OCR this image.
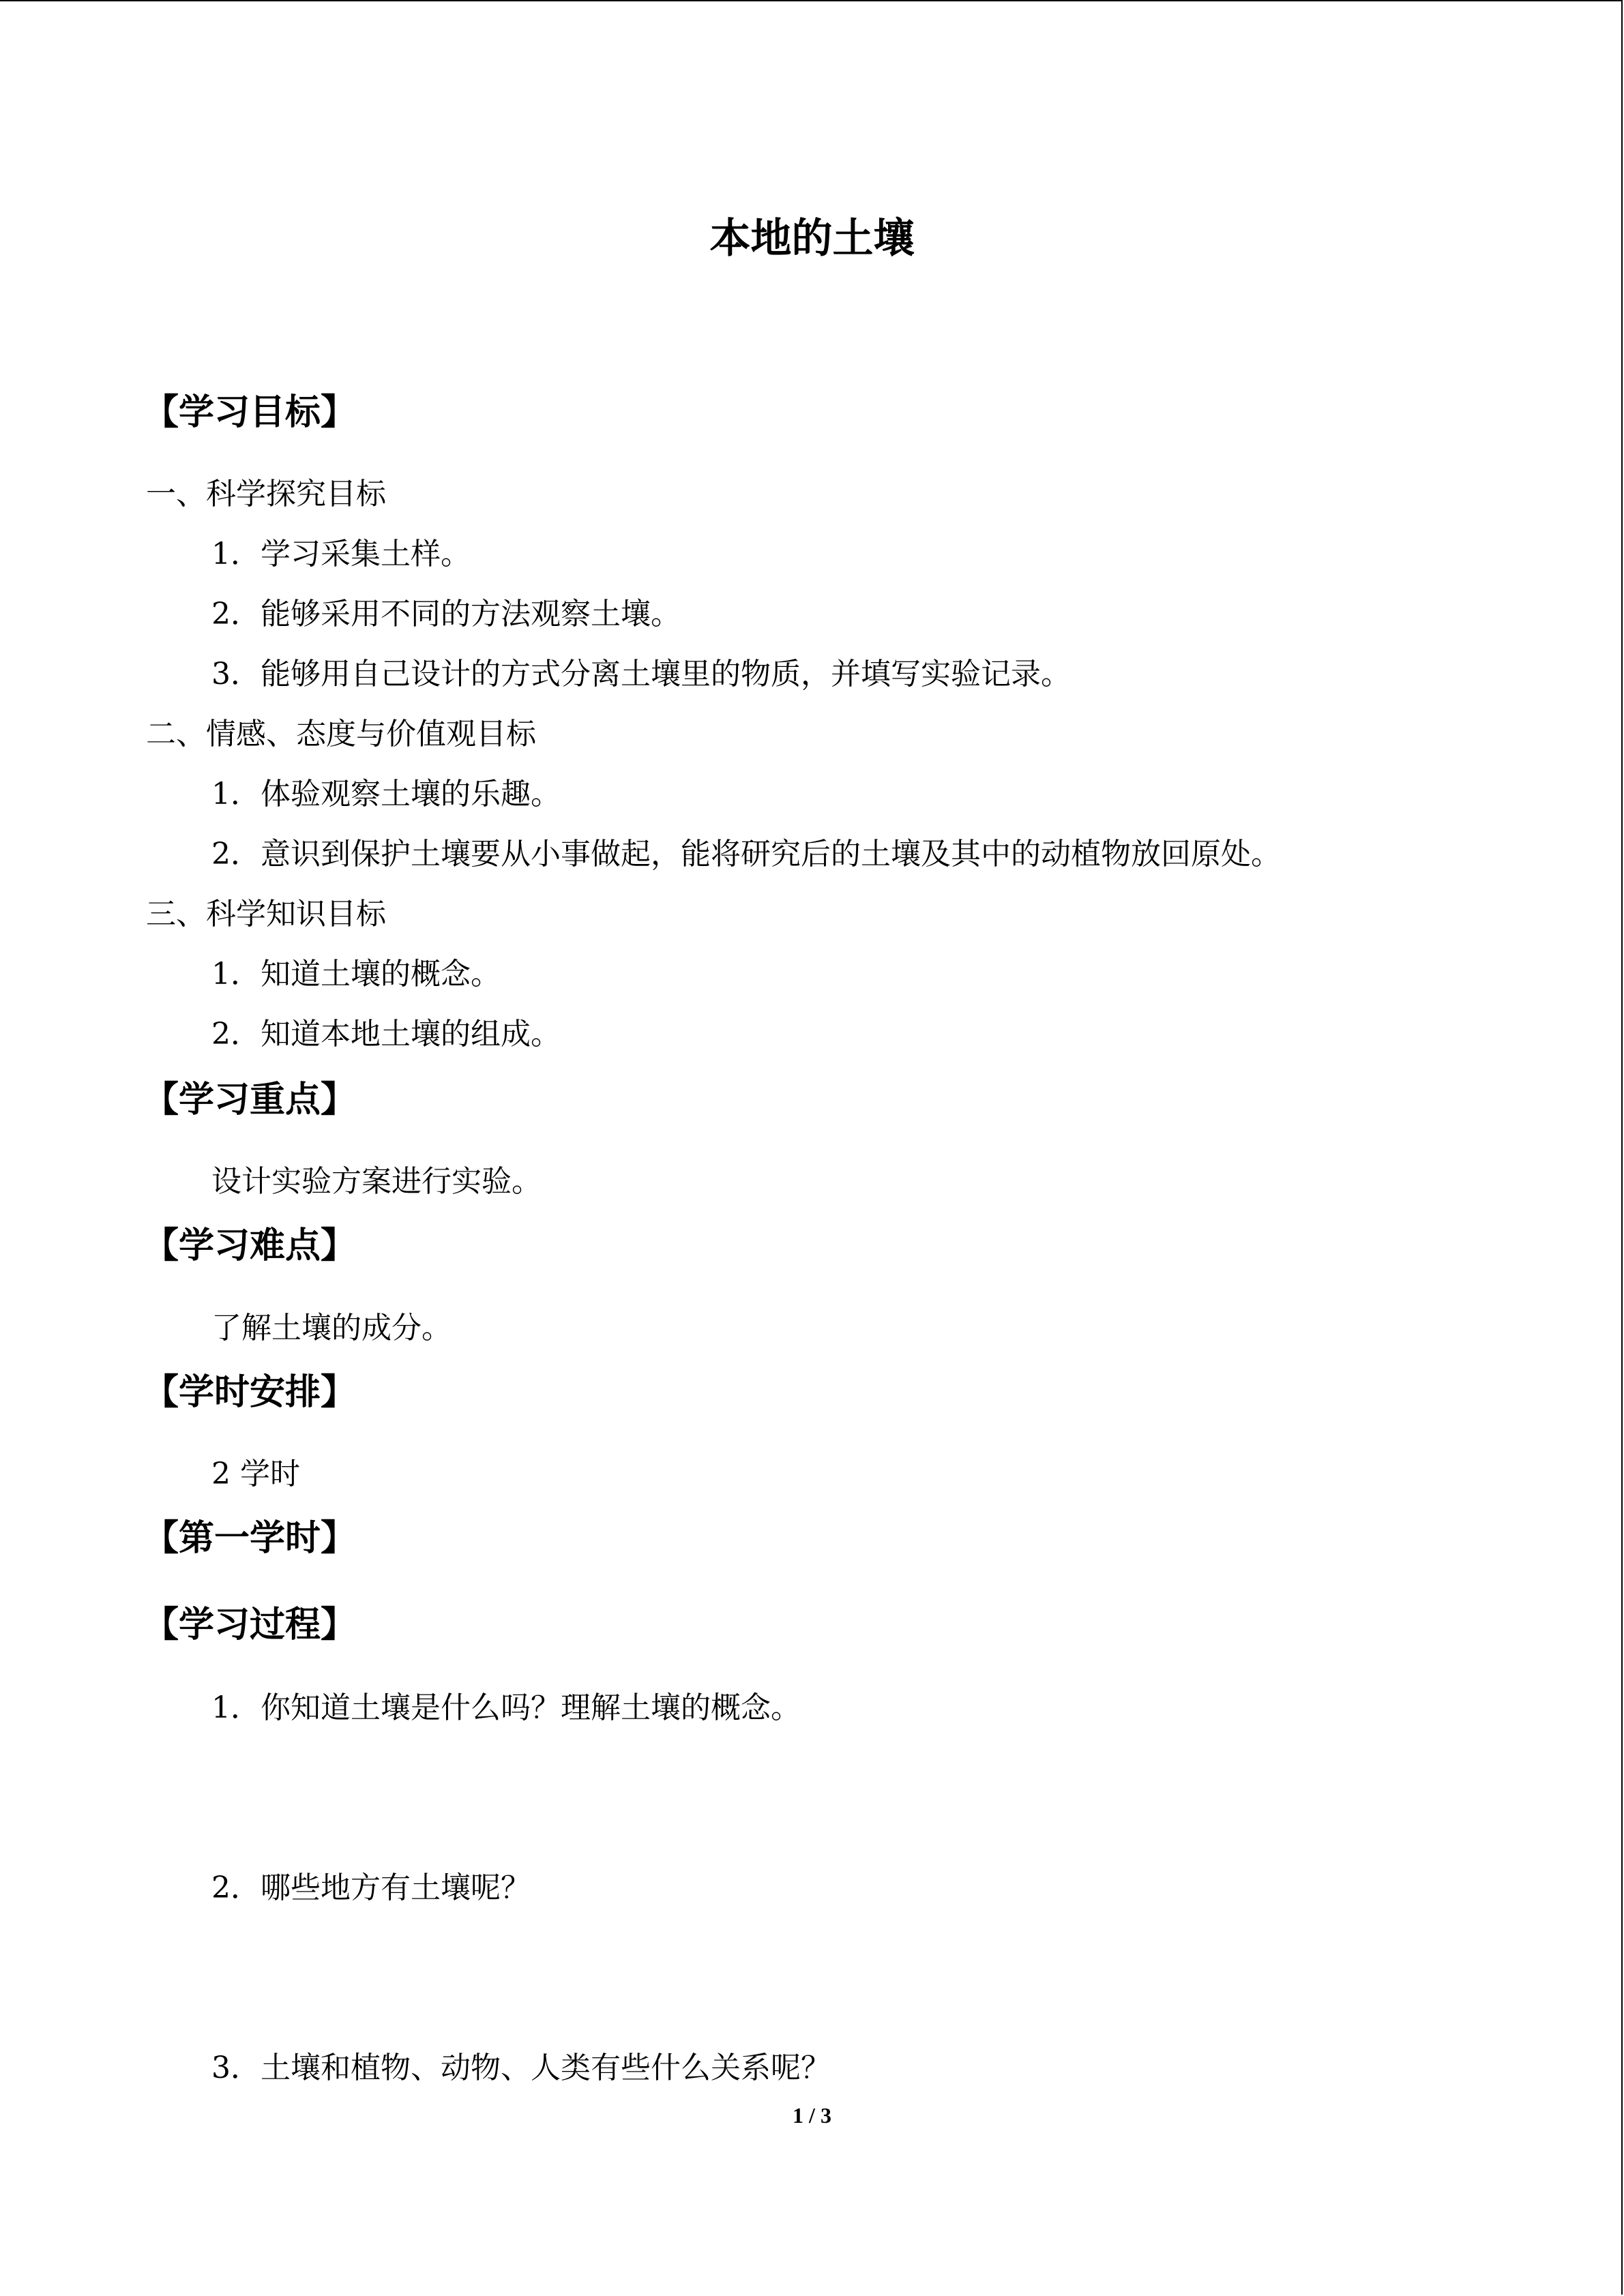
本地的土壤
【学习目标】
一、科学探究目标
1．学习采集土样。
2．能够采用不同的方法观察土壤。
3．能够用自己设计的方式分离土壤里的物质，并填写实验记录。
二、情感、态度与价值观目标
1．体验观察土壤的乐趣。
2．意识到保护土壤要从小事做起，能将研究后的土壤及其中的动植物放回原处。
三、科学知识目标
1．知道土壤的概念。
2．知道本地土壤的组成。
【学习重点】
设计实验方案进行实验。
【学习难点】
了解土壤的成分。
【学时安排】
2 学时
【第一学时】
【学习过程】
1．你知道土壤是什么吗？理解土壤的概念。
2．哪些地方有土壤呢？
3．土壤和植物、动物、人类有些什么关系呢？
1 / 3
